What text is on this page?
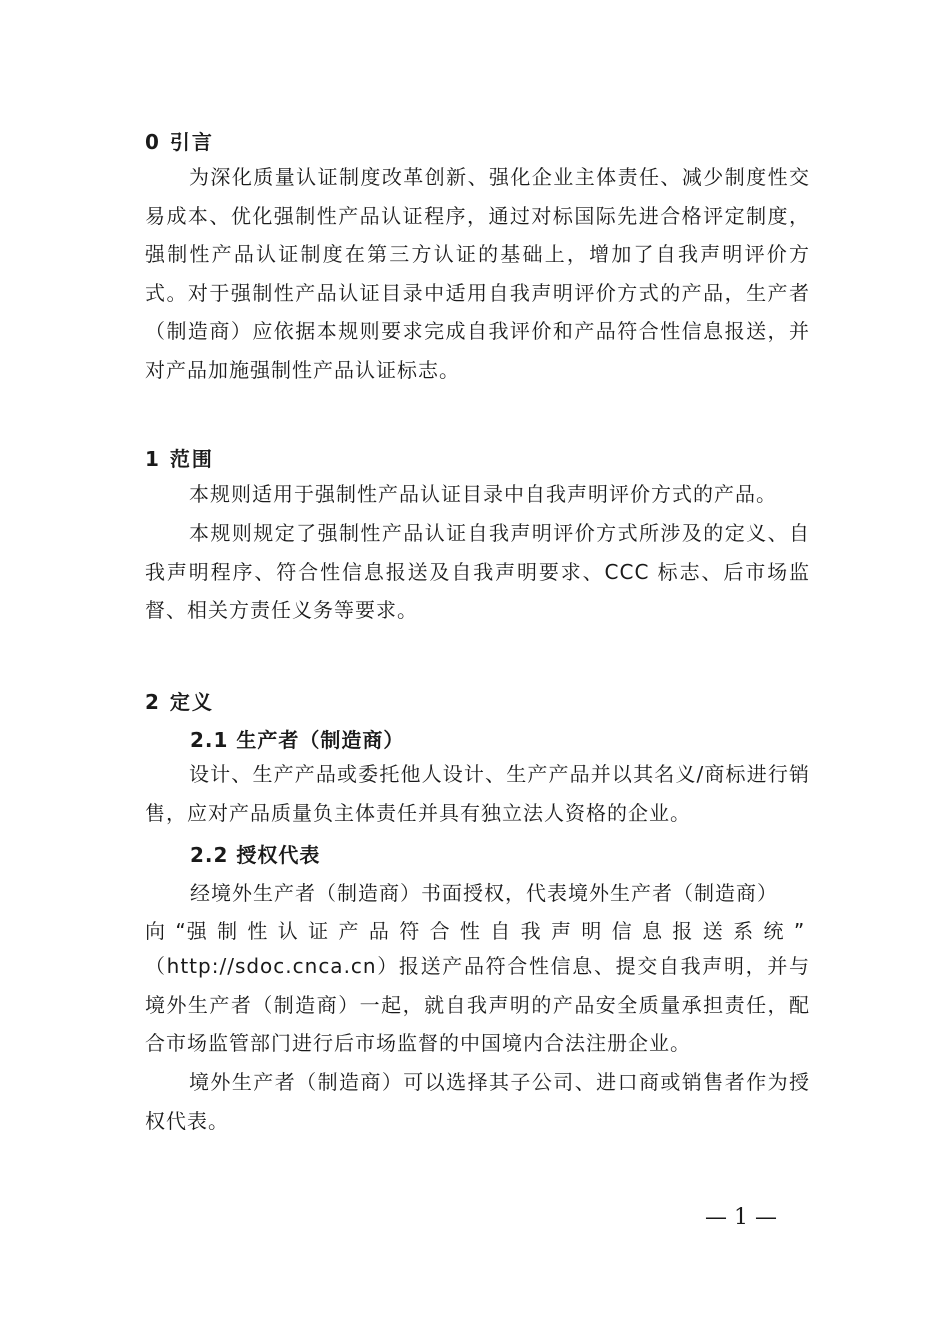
0 引言

为深化质量认证制度改革创新、强化企业主体责任、减少制度性交易成本、优化强制性产品认证程序，通过对标国际先进合格评定制度，强制性产品认证制度在第三方认证的基础上，增加了自我声明评价方式。对于强制性产品认证目录中适用自我声明评价方式的产品，生产者（制造商）应依据本规则要求完成自我评价和产品符合性信息报送，并对产品加施强制性产品认证标志。

1 范围

本规则适用于强制性产品认证目录中自我声明评价方式的产品。

本规则规定了强制性产品认证自我声明评价方式所涉及的定义、自我声明程序、符合性信息报送及自我声明要求、CCC 标志、后市场监督、相关方责任义务等要求。

2 定义
2.1 生产者（制造商）

设计、生产产品或委托他人设计、生产产品并以其名义/商标进行销售，应对产品质量负主体责任并具有独立法人资格的企业。

2.2 授权代表
经境外生产者（制造商）书面授权，代表境外生产者（制造商）
向 “强 制 性 认 证 产 品 符 合 性 自 我 声 明 信 息 报 送 系 统 ”

（http://sdoc.cnca.cn）报送产品符合性信息、提交自我声明，并与境外生产者（制造商）一起，就自我声明的产品安全质量承担责任，配合市场监管部门进行后市场监督的中国境内合法注册企业。

境外生产者（制造商）可以选择其子公司、进口商或销售者作为授权代表。

— 1 —
